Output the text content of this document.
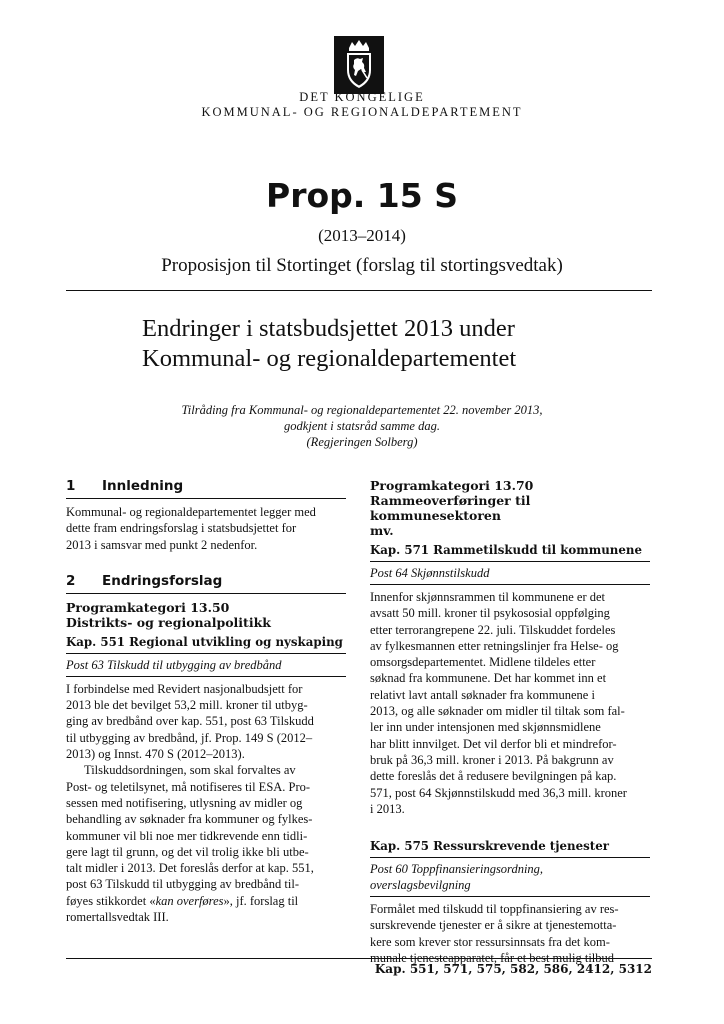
DET KONGELIGE
KOMMUNAL- OG REGIONALDEPARTEMENT
Prop. 15 S
(2013–2014)
Proposisjon til Stortinget (forslag til stortingsvedtak)
Endringer i statsbudsjettet 2013 under
Kommunal- og regionaldepartementet
Tilråding fra Kommunal- og regionaldepartementet 22. november 2013,
godkjent i statsråd samme dag.
(Regjeringen Solberg)
1	Innledning
Kommunal- og regionaldepartementet legger med
dette fram endringsforslag i statsbudsjettet for
2013 i samsvar med punkt 2 nedenfor.
2	Endringsforslag
Programkategori 13.50
Distrikts- og regionalpolitikk
Kap. 551 Regional utvikling og nyskaping
Post 63 Tilskudd til utbygging av bredbånd
I forbindelse med Revidert nasjonalbudsjett for
2013 ble det bevilget 53,2 mill. kroner til utbyg-
ging av bredbånd over kap. 551, post 63 Tilskudd
til utbygging av bredbånd, jf. Prop. 149 S (2012–
2013) og Innst. 470 S (2012–2013).
Tilskuddsordningen, som skal forvaltes av
Post- og teletilsynet, må notifiseres til ESA. Pro-
sessen med notifisering, utlysning av midler og
behandling av søknader fra kommuner og fylkes-
kommuner vil bli noe mer tidkrevende enn tidli-
gere lagt til grunn, og det vil trolig ikke bli utbe-
talt midler i 2013. Det foreslås derfor at kap. 551,
post 63 Tilskudd til utbygging av bredbånd til-
føyes stikkordet «kan overføres», jf. forslag til
romertallsvedtak III.
Programkategori 13.70
Rammeoverføringer til kommunesektoren
mv.
Kap. 571 Rammetilskudd til kommunene
Post 64 Skjønnstilskudd
Innenfor skjønnsrammen til kommunene er det
avsatt 50 mill. kroner til psykososial oppfølging
etter terrorangrepene 22. juli. Tilskuddet fordeles
av fylkesmannen etter retningslinjer fra Helse- og
omsorgsdepartementet. Midlene tildeles etter
søknad fra kommunene. Det har kommet inn et
relativt lavt antall søknader fra kommunene i
2013, og alle søknader om midler til tiltak som fal-
ler inn under intensjonen med skjønnsmidlene
har blitt innvilget. Det vil derfor bli et mindrefor-
bruk på 36,3 mill. kroner i 2013. På bakgrunn av
dette foreslås det å redusere bevilgningen på kap.
571, post 64 Skjønnstilskudd med 36,3 mill. kroner
i 2013.
Kap. 575 Ressurskrevende tjenester
Post 60 Toppfinansieringsordning,
overslagsbevilgning
Formålet med tilskudd til toppfinansiering av res-
surskrevende tjenester er å sikre at tjenestemotta-
kere som krever stor ressursinnsats fra det kom-
munale tjenesteapparatet, får et best mulig tilbud
Kap. 551, 571, 575, 582, 586, 2412, 5312
